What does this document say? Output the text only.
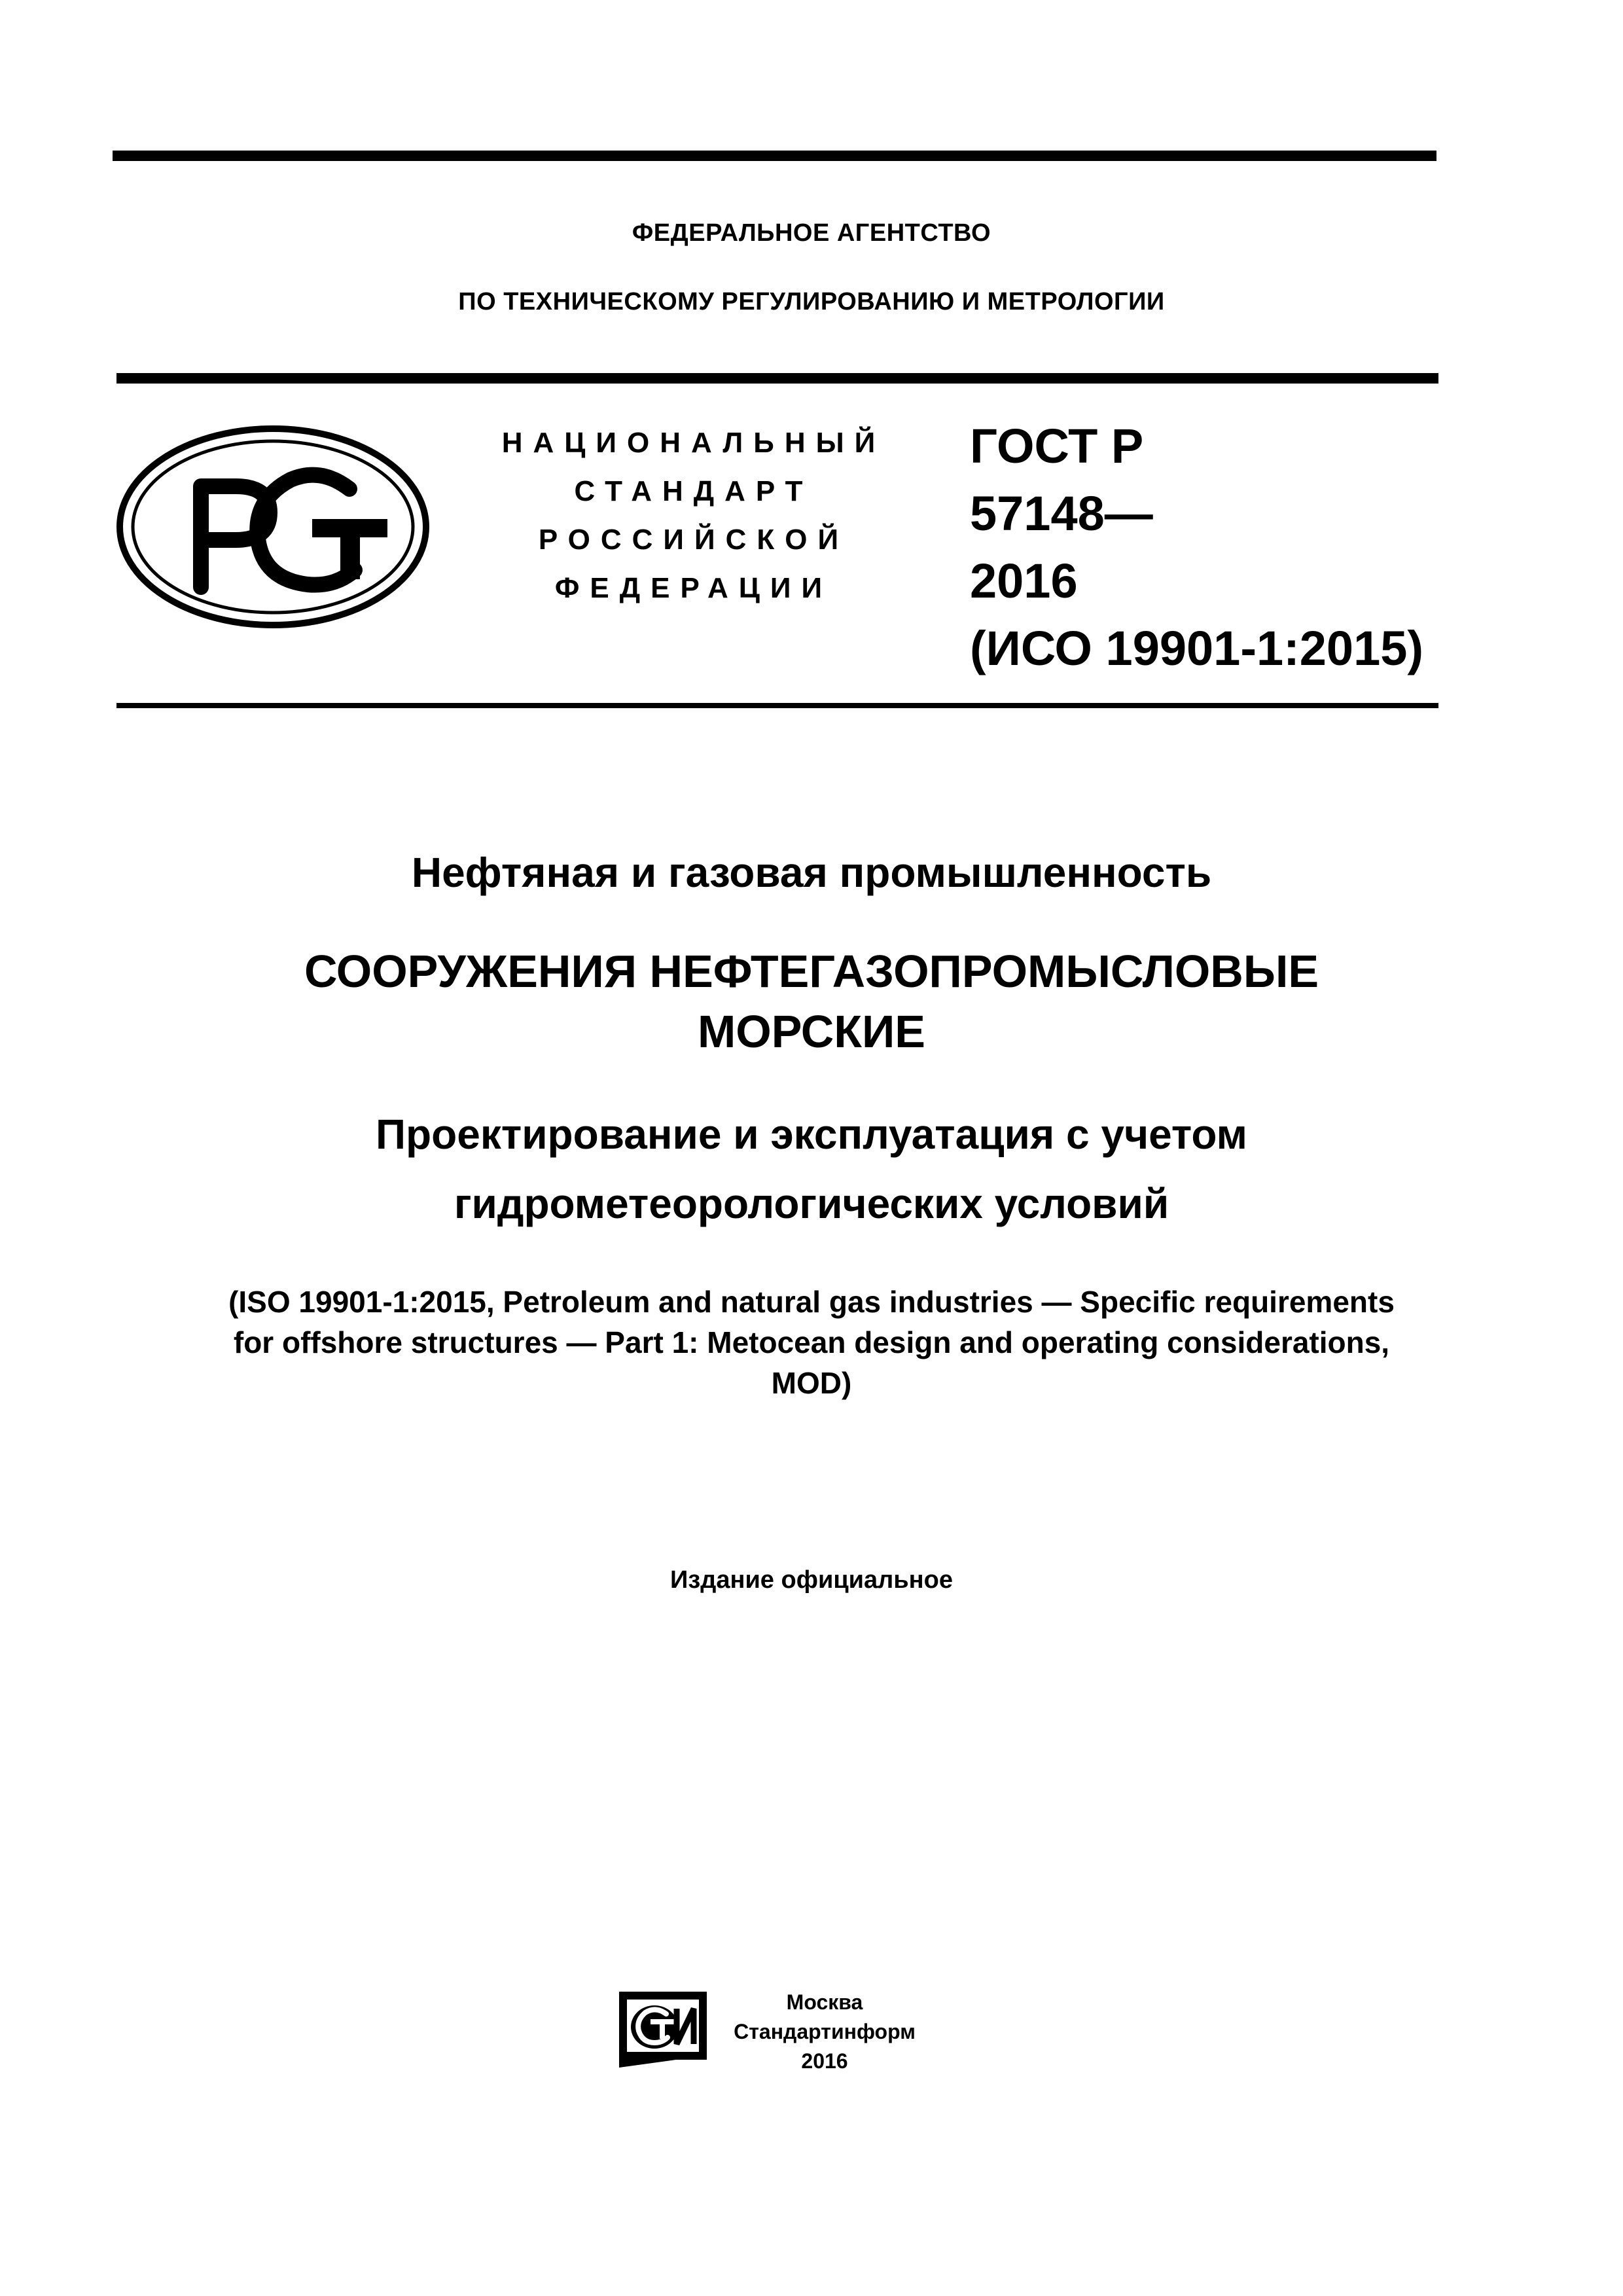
ФЕДЕРАЛЬНОЕ АГЕНТСТВО
ПО ТЕХНИЧЕСКОМУ РЕГУЛИРОВАНИЮ И МЕТРОЛОГИИ
НАЦИОНАЛЬНЫЙ
СТАНДАРТ
РОССИЙСКОЙ
ФЕДЕРАЦИИ
ГОСТ Р
57148—
2016
(ИСО 19901-1:2015)
Нефтяная и газовая промышленность
СООРУЖЕНИЯ НЕФТЕГАЗОПРОМЫСЛОВЫЕ
МОРСКИЕ
Проектирование и эксплуатация с учетом
гидрометеорологических условий
(ISO 19901-1:2015, Petroleum and natural gas industries — Specific requirements
for offshore structures — Part 1: Metocean design and operating considerations,
MOD)
Издание официальное
Москва
Стандартинформ
2016
